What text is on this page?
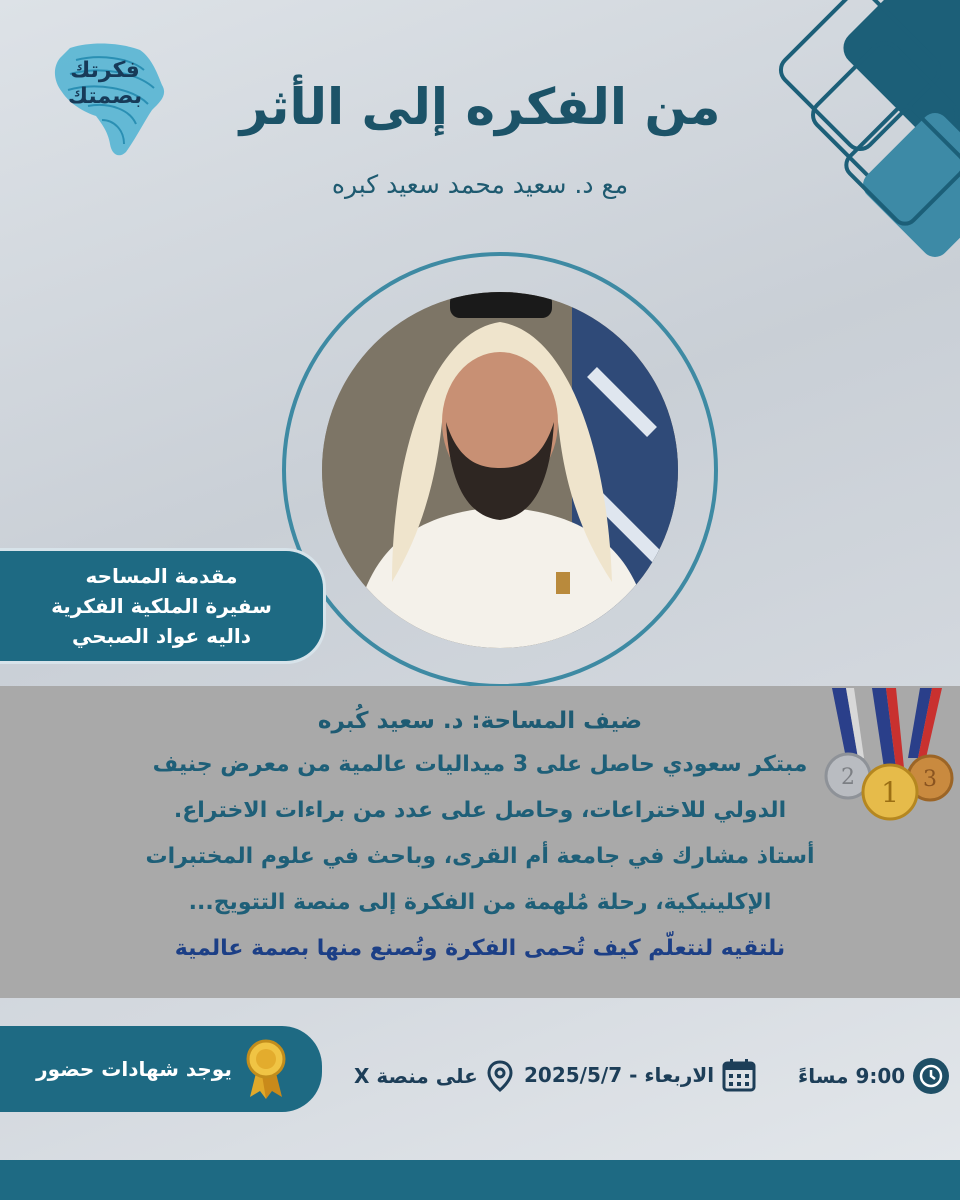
فكرتك
بصمتك	من الفكره إلى الأثر
مع د. سعيد محمد سعيد كبره
مقدمة المساحه
سفيرة الملكية الفكرية
داليه عواد الصبحي
ضيف المساحة: د. سعيد كُبره
مبتكر سعودي حاصل على 3 ميداليات عالمية من معرض جنيف
الدولي للاختراعات، وحاصل على عدد من براءات الاختراع.
أستاذ مشارك في جامعة أم القرى، وباحث في علوم المختبرات
الإكلينيكية، رحلة مُلهمة من الفكرة إلى منصة التتويج...
نلتقيه لنتعلّم كيف تُحمى الفكرة وتُصنع منها بصمة عالمية
2 1 3
يوجد شهادات حضور	على منصة X الاربعاء - 2025/5/7	9:00 مساءً
